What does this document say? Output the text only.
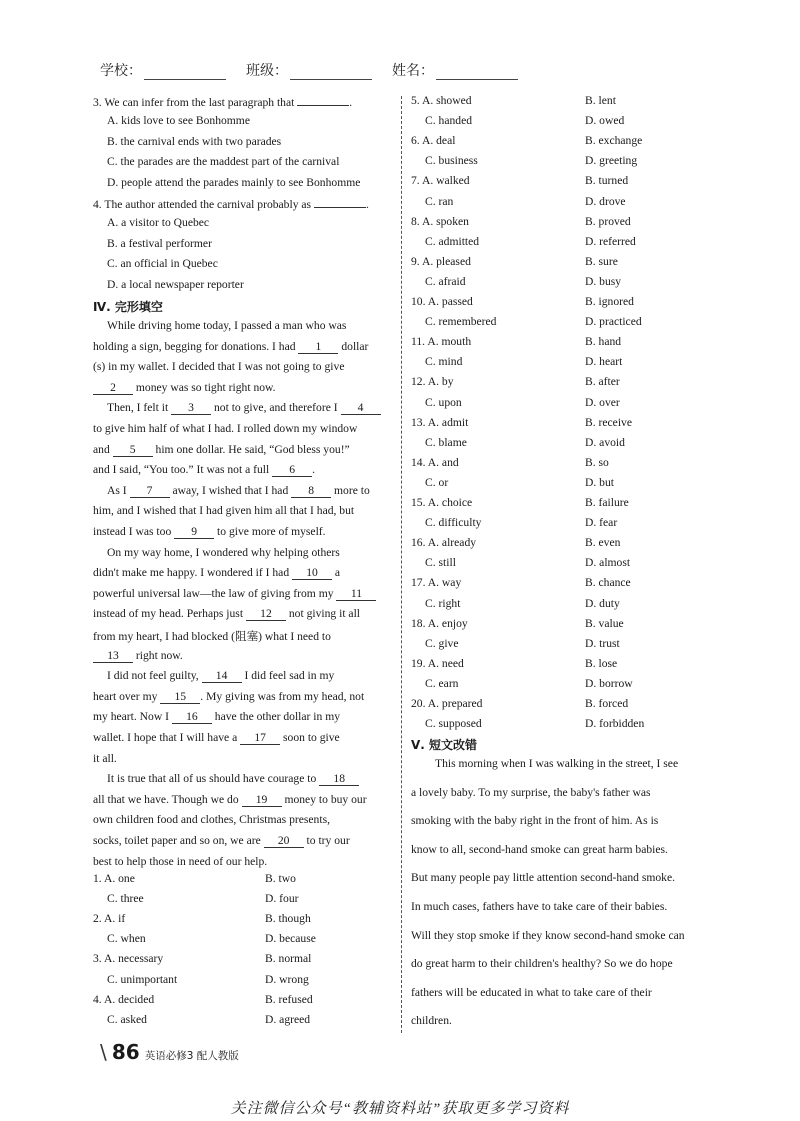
学校：	班级：	姓名：
3. We can infer from the last paragraph that	.
A. kids love to see Bonhomme
B. the carnival ends with two parades
C. the parades are the maddest part of the carnival
D. people attend the parades mainly to see Bonhomme
4. The author attended the carnival probably as	.
A. a visitor to Quebec
B. a festival performer
C. an official in Quebec
D. a local newspaper reporter
Ⅳ. 完形填空
While driving home today, I passed a man who was
holding a sign, begging for donations. I had 1 dollar
(s) in my wallet. I decided that I was not going to give
2 money was so tight right now.
Then, I felt it 3 not to give, and therefore I 4
to give him half of what I had. I rolled down my window
and 5 him one dollar. He said, “God bless you!”
and I said, “You too.” It was not a full 6 .
As I 7 away, I wished that I had 8 more to
him, and I wished that I had given him all that I had, but
instead I was too 9 to give more of myself.
On my way home, I wondered why helping others
didn't make me happy. I wondered if I had 10 a
powerful universal law—the law of giving from my 11
instead of my head. Perhaps just 12 not giving it all
from my heart, I had blocked (阻塞) what I need to
13 right now.
I did not feel guilty, 14 I did feel sad in my
heart over my 15 . My giving was from my head, not
my heart. Now I 16 have the other dollar in my
wallet. I hope that I will have a 17 soon to give
it all.
It is true that all of us should have courage to 18
all that we have. Though we do 19 money to buy our
own children food and clothes, Christmas presents,
socks, toilet paper and so on, we are 20 to try our
best to help those in need of our help.
1. A. one	B. two
C. three	D. four
2. A. if	B. though
C. when	D. because
3. A. necessary	B. normal
C. unimportant	D. wrong
4. A. decided	B. refused
C. asked	D. agreed
5. A. showed	B. lent
C. handed	D. owed
6. A. deal	B. exchange
C. business	D. greeting
7. A. walked	B. turned
C. ran	D. drove
8. A. spoken	B. proved
C. admitted	D. referred
9. A. pleased	B. sure
C. afraid	D. busy
10. A. passed	B. ignored
C. remembered	D. practiced
11. A. mouth	B. hand
C. mind	D. heart
12. A. by	B. after
C. upon	D. over
13. A. admit	B. receive
C. blame	D. avoid
14. A. and	B. so
C. or	D. but
15. A. choice	B. failure
C. difficulty	D. fear
16. A. already	B. even
C. still	D. almost
17. A. way	B. chance
C. right	D. duty
18. A. enjoy	B. value
C. give	D. trust
19. A. need	B. lose
C. earn	D. borrow
20. A. prepared	B. forced
C. supposed	D. forbidden
Ⅴ. 短文改错
This morning when I was walking in the street, I see
a lovely baby. To my surprise, the baby's father was
smoking with the baby right in the front of him. As is
know to all, second-hand smoke can great harm babies.
But many people pay little attention second-hand smoke.
In much cases, fathers have to take care of their babies.
Will they stop smoke if they know second-hand smoke can
do great harm to their children's healthy? So we do hope
fathers will be educated in what to take care of their
children.
\ 86 英语必修3 配人教版
关注微信公众号“教辅资料站”获取更多学习资料
